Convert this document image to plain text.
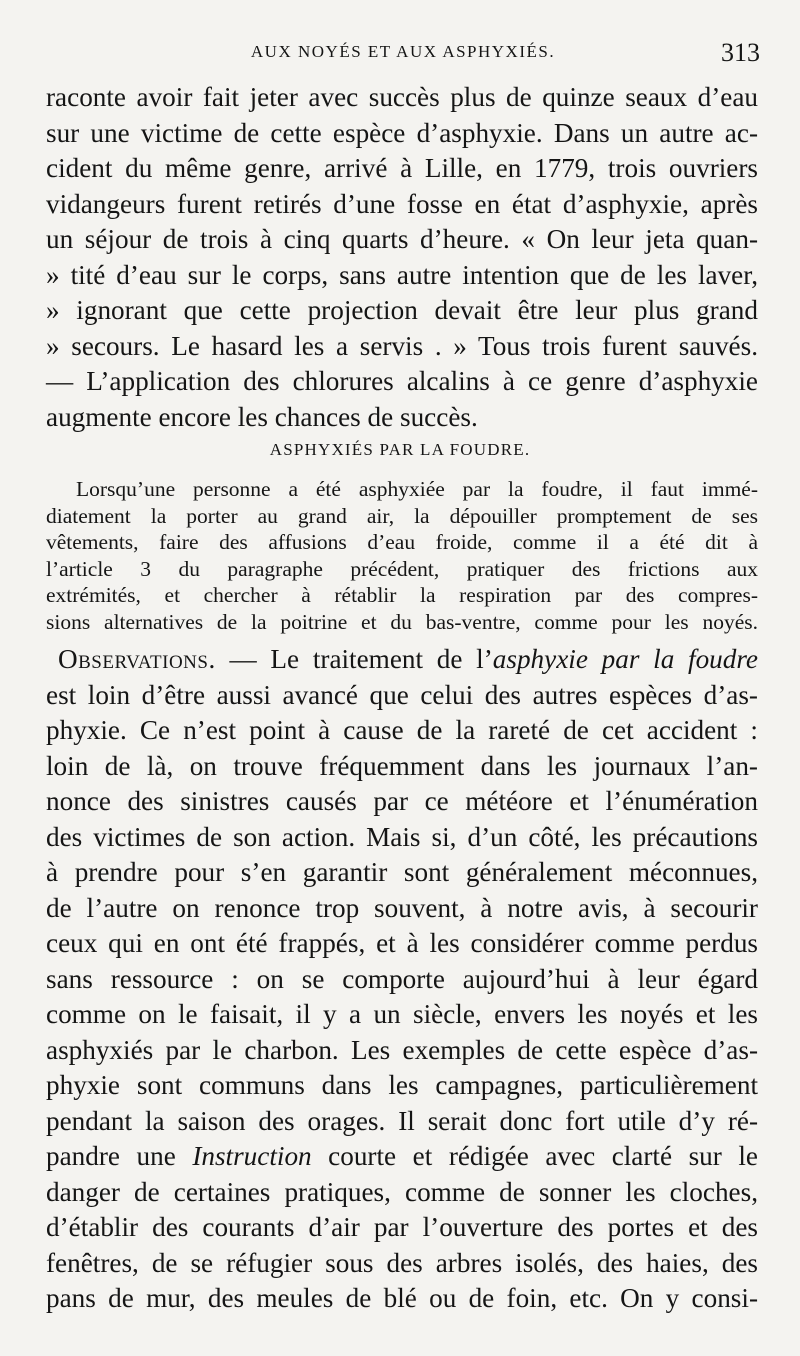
AUX NOYÉS ET AUX ASPHYXIÉS.	313
raconte avoir fait jeter avec succès plus de quinze seaux d’eau
sur une victime de cette espèce d’asphyxie. Dans un autre ac-
cident du même genre, arrivé à Lille, en 1779, trois ouvriers
vidangeurs furent retirés d’une fosse en état d’asphyxie, après
un séjour de trois à cinq quarts d’heure. « On leur jeta quan-
» tité d’eau sur le corps, sans autre intention que de les laver,
» ignorant que cette projection devait être leur plus grand
» secours. Le hasard les a servis . » Tous trois furent sauvés.
— L’application des chlorures alcalins à ce genre d’asphyxie
augmente encore les chances de succès.
ASPHYXIÉS PAR LA FOUDRE.
Lorsqu’une personne a été asphyxiée par la foudre, il faut immé-
diatement la porter au grand air, la dépouiller promptement de ses
vêtements, faire des affusions d’eau froide, comme il a été dit à
l’article 3 du paragraphe précédent, pratiquer des frictions aux
extrémités, et chercher à rétablir la respiration par des compres-
sions alternatives de la poitrine et du bas-ventre, comme pour les noyés.
Observations. — Le traitement de l’asphyxie par la foudre
est loin d’être aussi avancé que celui des autres espèces d’as-
phyxie. Ce n’est point à cause de la rareté de cet accident :
loin de là, on trouve fréquemment dans les journaux l’an-
nonce des sinistres causés par ce météore et l’énumération
des victimes de son action. Mais si, d’un côté, les précautions
à prendre pour s’en garantir sont généralement méconnues,
de l’autre on renonce trop souvent, à notre avis, à secourir
ceux qui en ont été frappés, et à les considérer comme perdus
sans ressource : on se comporte aujourd’hui à leur égard
comme on le faisait, il y a un siècle, envers les noyés et les
asphyxiés par le charbon. Les exemples de cette espèce d’as-
phyxie sont communs dans les campagnes, particulièrement
pendant la saison des orages. Il serait donc fort utile d’y ré-
pandre une Instruction courte et rédigée avec clarté sur le
danger de certaines pratiques, comme de sonner les cloches,
d’établir des courants d’air par l’ouverture des portes et des
fenêtres, de se réfugier sous des arbres isolés, des haies, des
pans de mur, des meules de blé ou de foin, etc. On y consi-
